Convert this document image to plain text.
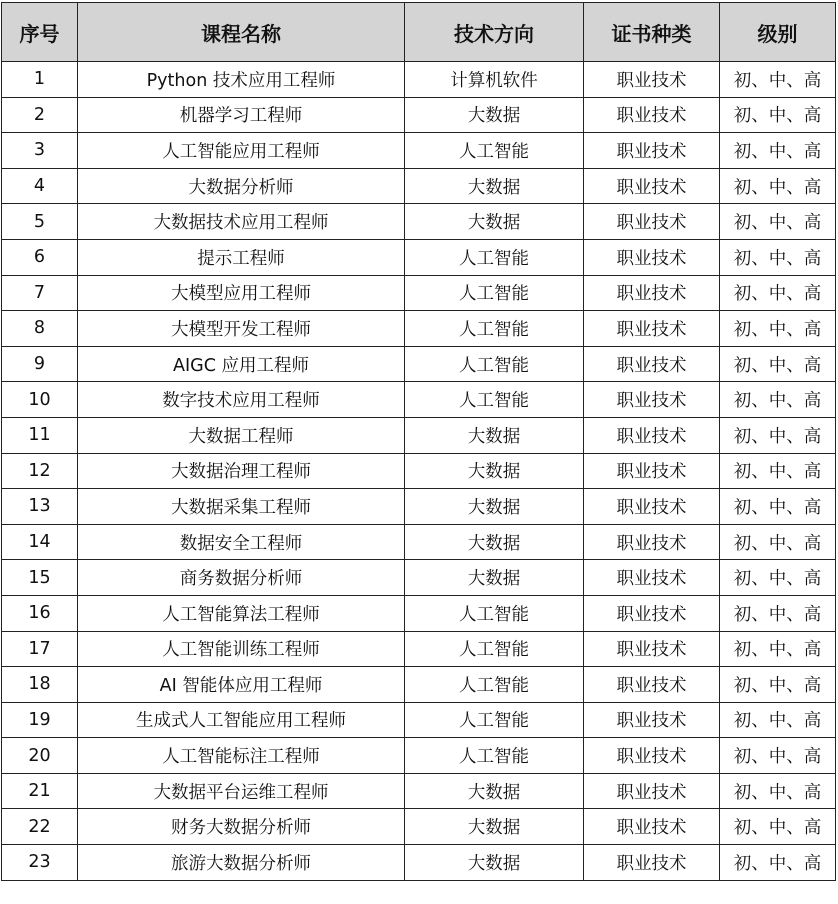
序号	课程名称	技术方向	证书种类	级别
1	Python 技术应用工程师	计算机软件	职业技术	初、中、高
2	机器学习工程师	大数据	职业技术	初、中、高
3	人工智能应用工程师	人工智能	职业技术	初、中、高
4	大数据分析师	大数据	职业技术	初、中、高
5	大数据技术应用工程师	大数据	职业技术	初、中、高
6	提示工程师	人工智能	职业技术	初、中、高
7	大模型应用工程师	人工智能	职业技术	初、中、高
8	大模型开发工程师	人工智能	职业技术	初、中、高
9	AIGC 应用工程师	人工智能	职业技术	初、中、高
10	数字技术应用工程师	人工智能	职业技术	初、中、高
11	大数据工程师	大数据	职业技术	初、中、高
12	大数据治理工程师	大数据	职业技术	初、中、高
13	大数据采集工程师	大数据	职业技术	初、中、高
14	数据安全工程师	大数据	职业技术	初、中、高
15	商务数据分析师	大数据	职业技术	初、中、高
16	人工智能算法工程师	人工智能	职业技术	初、中、高
17	人工智能训练工程师	人工智能	职业技术	初、中、高
18	AI 智能体应用工程师	人工智能	职业技术	初、中、高
19	生成式人工智能应用工程师	人工智能	职业技术	初、中、高
20	人工智能标注工程师	人工智能	职业技术	初、中、高
21	大数据平台运维工程师	大数据	职业技术	初、中、高
22	财务大数据分析师	大数据	职业技术	初、中、高
23	旅游大数据分析师	大数据	职业技术	初、中、高
